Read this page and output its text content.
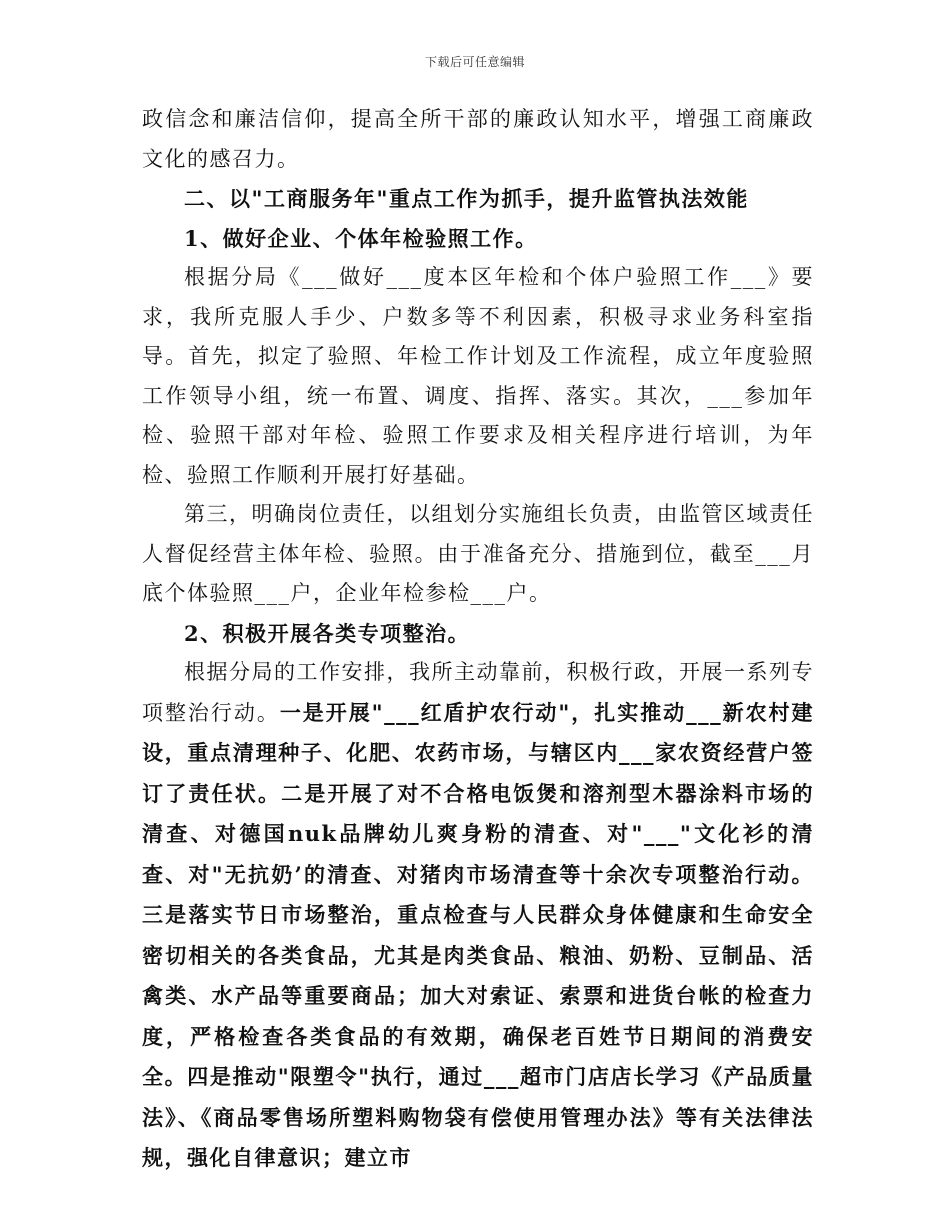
下载后可任意编辑

政信念和廉洁信仰，提高全所干部的廉政认知水平，增强工商廉政文化的感召力。

二、以"工商服务年"重点工作为抓手，提升监管执法效能

1、做好企业、个体年检验照工作。

根据分局《___做好___度本区年检和个体户验照工作___》要求，我所克服人手少、户数多等不利因素，积极寻求业务科室指导。首先，拟定了验照、年检工作计划及工作流程，成立年度验照工作领导小组，统一布置、调度、指挥、落实。其次，___参加年检、验照干部对年检、验照工作要求及相关程序进行培训，为年检、验照工作顺利开展打好基础。

第三，明确岗位责任，以组划分实施组长负责，由监管区域责任人督促经营主体年检、验照。由于准备充分、措施到位，截至___月底个体验照___户，企业年检参检___户。

2、积极开展各类专项整治。

根据分局的工作安排，我所主动靠前，积极行政，开展一系列专项整治行动。一是开展"___红盾护农行动"，扎实推动___新农村建设，重点清理种子、化肥、农药市场，与辖区内___家农资经营户签订了责任状。二是开展了对不合格电饭煲和溶剂型木器涂料市场的清查、对德国nuk品牌幼儿爽身粉的清查、对"___"文化衫的清查、对"无抗奶’的清查、对猪肉市场清查等十余次专项整治行动。三是落实节日市场整治，重点检查与人民群众身体健康和生命安全密切相关的各类食品，尤其是肉类食品、粮油、奶粉、豆制品、活禽类、水产品等重要商品；加大对索证、索票和进货台帐的检查力度，严格检查各类食品的有效期，确保老百姓节日期间的消费安全。四是推动"限塑令"执行，通过___超市门店店长学习《产品质量法》、《商品零售场所塑料购物袋有偿使用管理办法》等有关法律法规，强化自律意识；建立市
